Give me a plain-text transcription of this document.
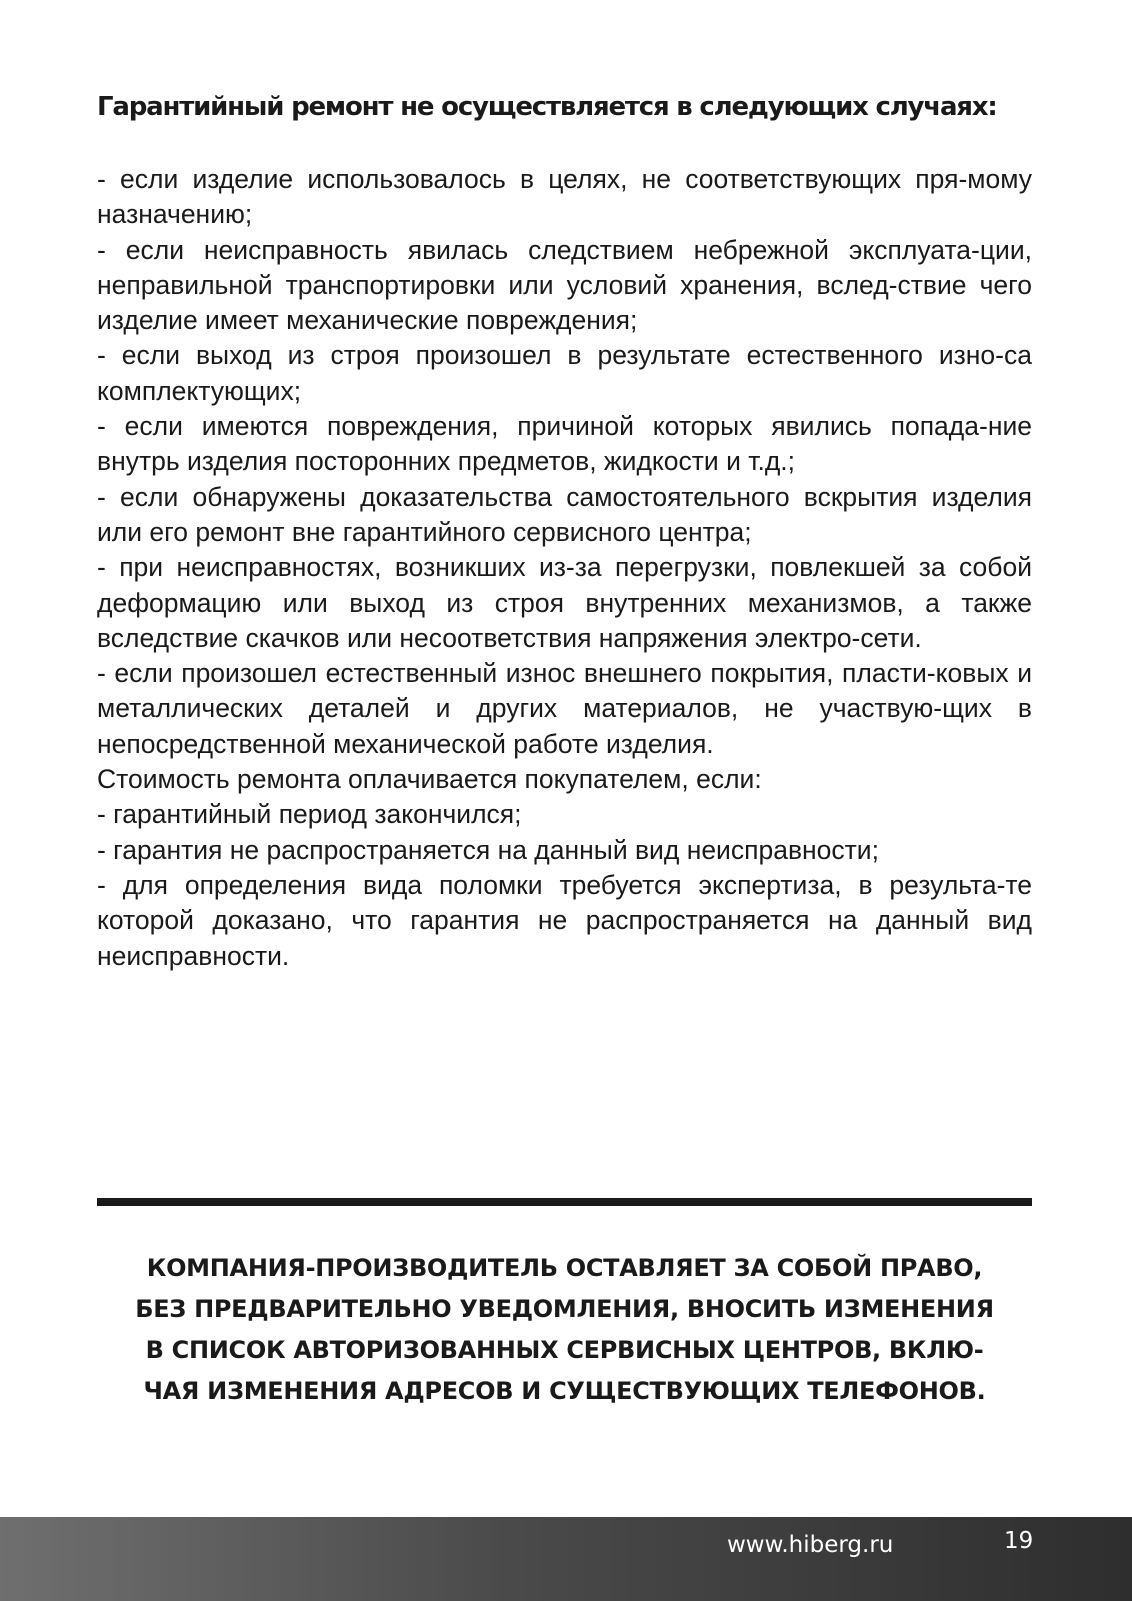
Гарантийный ремонт не осуществляется в следующих случаях:

- если изделие использовалось в целях, не соответствующих пря-мому назначению;

- если неисправность явилась следствием небрежной эксплуата-ции, неправильной транспортировки или условий хранения, вслед-ствие чего изделие имеет механические повреждения;

- если выход из строя произошел в результате естественного изно-са комплектующих;

- если имеются повреждения, причиной которых явились попада-ние внутрь изделия посторонних предметов, жидкости и т.д.;

- если обнаружены доказательства самостоятельного вскрытия изделия или его ремонт вне гарантийного сервисного центра;

- при неисправностях, возникших из-за перегрузки, повлекшей за собой деформацию или выход из строя внутренних механизмов, а также вследствие скачков или несоответствия напряжения электро-сети.

- если произошел естественный износ внешнего покрытия, пласти-ковых и металлических деталей и других материалов, не участвую-щих в непосредственной механической работе изделия.

Стоимость ремонта оплачивается покупателем, если:

- гарантийный период закончился;

- гарантия не распространяется на данный вид неисправности;

- для определения вида поломки требуется экспертиза, в результа-те которой доказано, что гарантия не распространяется на данный вид неисправности.

КОМПАНИЯ-ПРОИЗВОДИТЕЛЬ ОСТАВЛЯЕТ ЗА СОБОЙ ПРАВО,

БЕЗ ПРЕДВАРИТЕЛЬНО УВЕДОМЛЕНИЯ, ВНОСИТЬ ИЗМЕНЕНИЯ

В СПИСОК АВТОРИЗОВАННЫХ СЕРВИСНЫХ ЦЕНТРОВ, ВКЛЮ-

ЧАЯ ИЗМЕНЕНИЯ АДРЕСОВ И СУЩЕСТВУЮЩИХ ТЕЛЕФОНОВ.

www.hiberg.ru	19
